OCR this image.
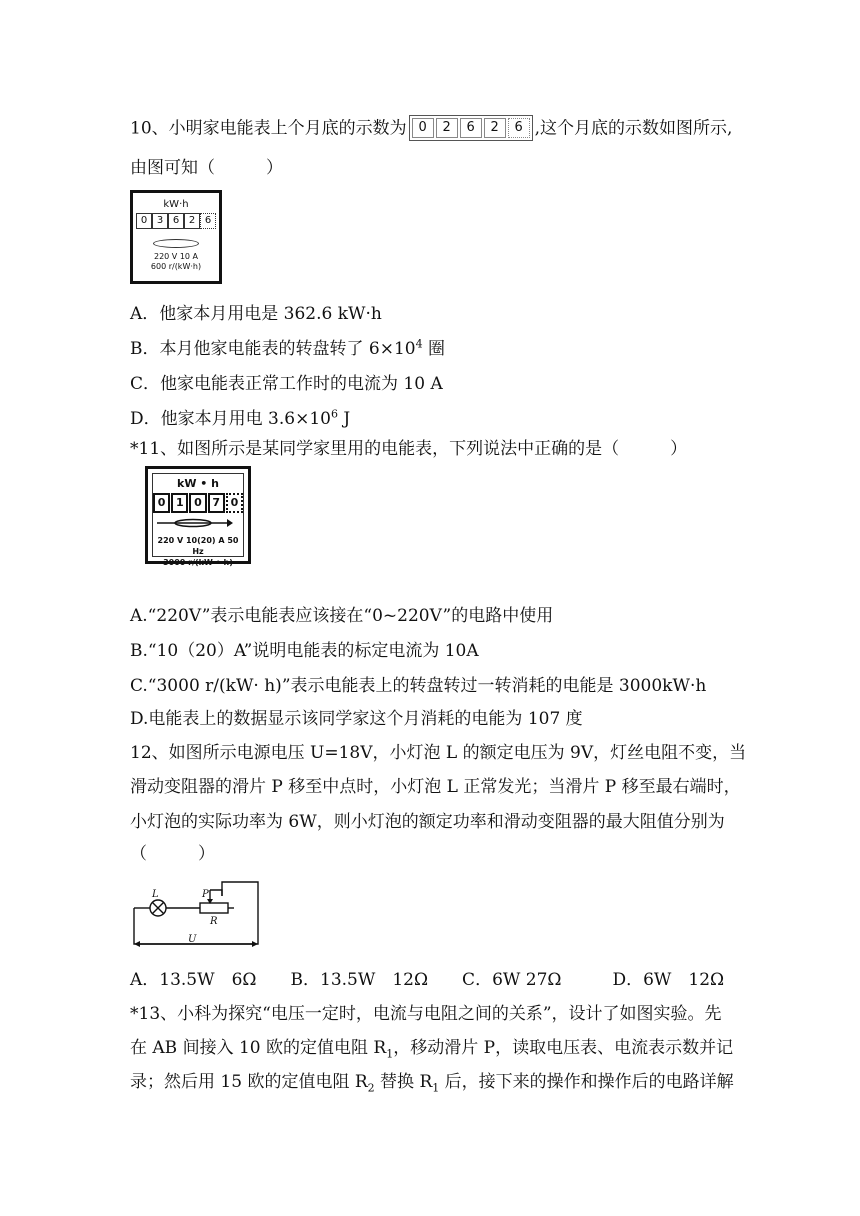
10、小明家电能表上个月底的示数为 0	2	6	2	6 ,这个月底的示数如图所示,
由图可知（　　　）
kW·h
0 3 6 2 6
220 V 10 A
600 r/(kW·h)
A．他家本月用电是 362.6 kW·h
B．本月他家电能表的转盘转了 $6\times 10^4$ 圈
C．他家电能表正常工作时的电流为 10 A
D．他家本月用电 $3.6\times 10^6$ J
*11、如图所示是某同学家里用的电能表，下列说法中正确的是（　　　）
kW • h
0 1 0 7 0
220 V 10(20) A 50 Hz
3000 r/(kW • h)
A.“220V”表示电能表应该接在“0~220V”的电路中使用
B.“10（20）A”说明电能表的标定电流为 10A
C.“3000 r/(kW· h)”表示电能表上的转盘转过一转消耗的电能是 3000kW·h
D.电能表上的数据显示该同学家这个月消耗的电能为 107 度
12、如图所示电源电压 U=18V，小灯泡 L 的额定电压为 9V，灯丝电阻不变，当
滑动变阻器的滑片 P 移至中点时，小灯泡 L 正常发光；当滑片 P 移至最右端时，
小灯泡的实际功率为 6W，则小灯泡的额定功率和滑动变阻器的最大阻值分别为
（　　　）
L	P
R
U
A．13.5W　6Ω　　B．13.5W　12Ω　　C．6W 27Ω　　　D．6W　12Ω
*13、小科为探究“电压一定时，电流与电阻之间的关系”，设计了如图实验。先
在 AB 间接入 10 欧的定值电阻 $R_1$，移动滑片 P，读取电压表、电流表示数并记
录；然后用 15 欧的定值电阻 $R_2$ 替换 $R_1$ 后，接下来的操作和操作后的电路详解
